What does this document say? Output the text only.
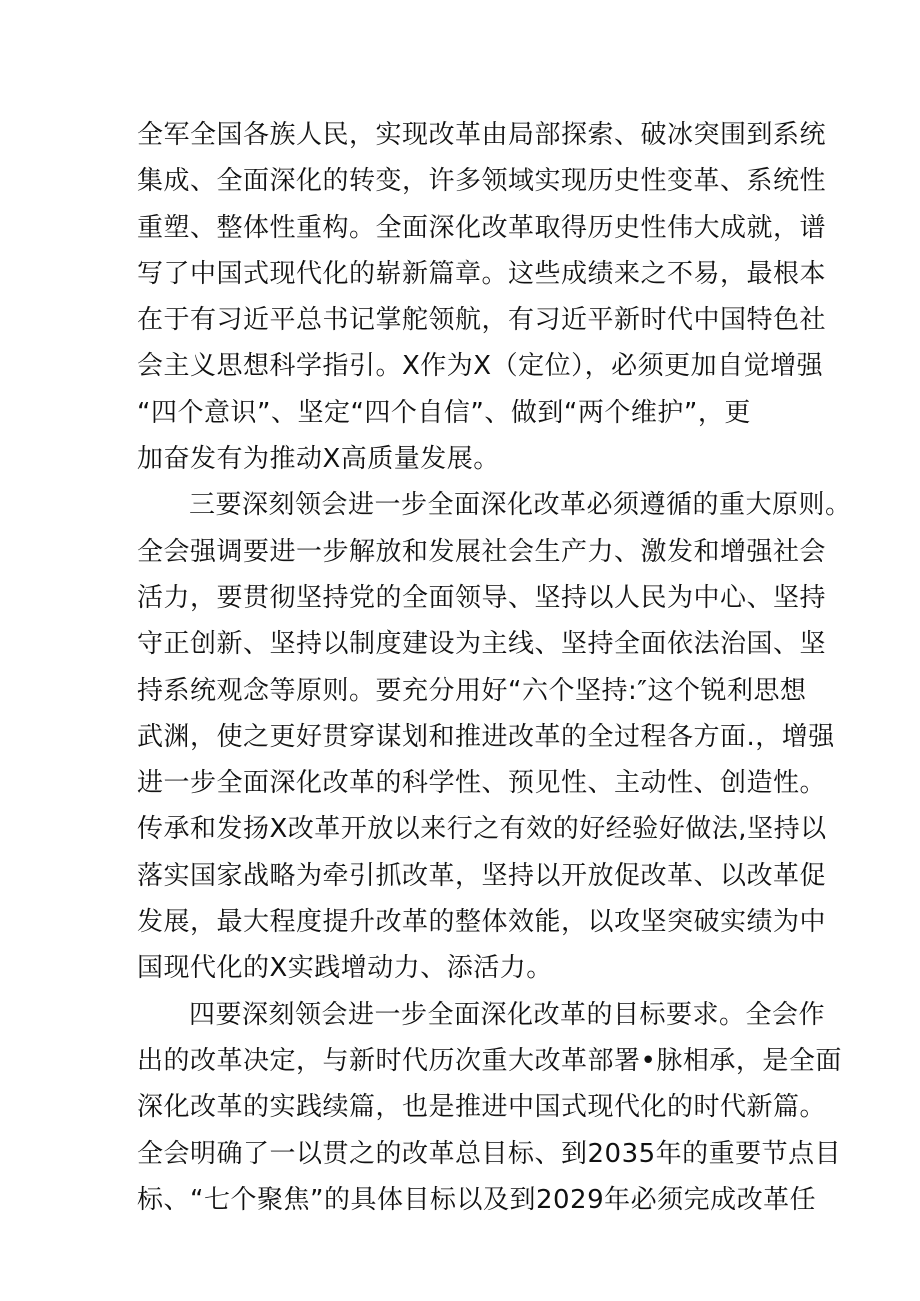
全军全国各族人民，实现改革由局部探索、破冰突围到系统
集成、全面深化的转变，许多领域实现历史性变革、系统性
重塑、整体性重构。全面深化改革取得历史性伟大成就，谱
写了中国式现代化的崭新篇章。这些成绩来之不易，最根本
在于有习近平总书记掌舵领航，有习近平新时代中国特色社
会主义思想科学指引。X作为X（定位），必须更加自觉增强
“四个意识”、坚定“四个自信”、做到“两个维护”，更
加奋发有为推动X高质量发展。
三要深刻领会进一步全面深化改革必须遵循的重大原则。
全会强调要进一步解放和发展社会生产力、激发和增强社会
活力，要贯彻坚持党的全面领导、坚持以人民为中心、坚持
守正创新、坚持以制度建设为主线、坚持全面依法治国、坚
持系统观念等原则。要充分用好“六个坚持:″这个锐利思想
武渊，使之更好贯穿谋划和推进改革的全过程各方面.，增强
进一步全面深化改革的科学性、预见性、主动性、创造性。
传承和发扬X改革开放以来行之有效的好经验好做法,坚持以
落实国家战略为牵引抓改革，坚持以开放促改革、以改革促
发展，最大程度提升改革的整体效能，以攻坚突破实绩为中
国现代化的X实践增动力、添活力。
四要深刻领会进一步全面深化改革的目标要求。全会作
出的改革决定，与新时代历次重大改革部署•脉相承，是全面
深化改革的实践续篇，也是推进中国式现代化的时代新篇。
全会明确了一以贯之的改革总目标、到2035年的重要节点目
标、“七个聚焦”的具体目标以及到2029年必须完成改革任
